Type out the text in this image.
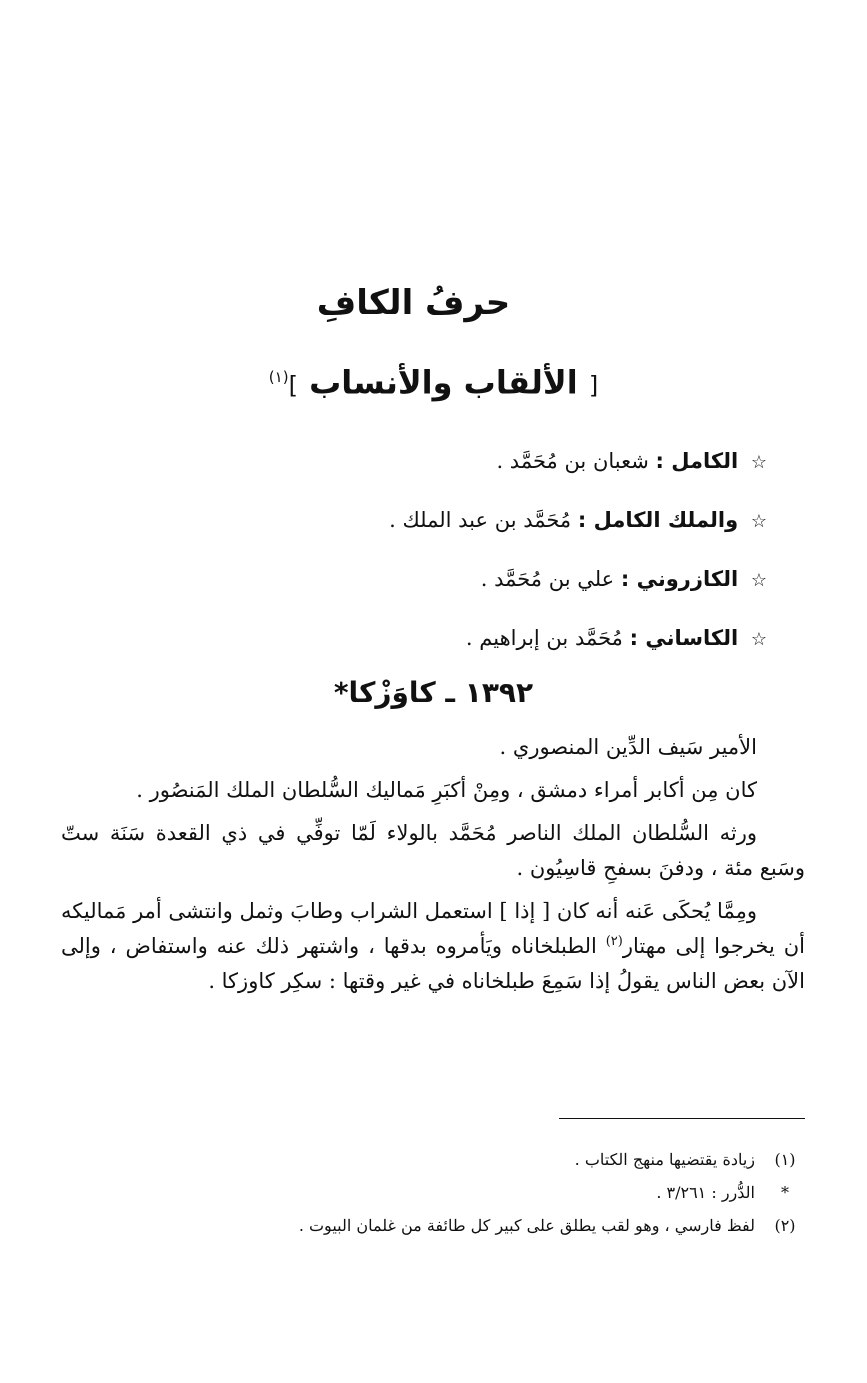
حرفُ الكافِ
[ الألقاب والأنساب ]$^{(١)}$
☆ الكامل : شعبان بن مُحَمَّد .
☆ والملك الكامل : مُحَمَّد بن عبد الملك .
☆ الكازروني : علي بن مُحَمَّد .
☆ الكاساني : مُحَمَّد بن إبراهيم .
١٣٩٢ ـ كاوَزْكا*

الأمير سَيف الدِّين المنصوري .

كان مِن أكابر أمراء دمشق ، ومِنْ أكبَرِ مَماليك السُّلطان الملك المَنصُور .

ورثه السُّلطان الملك الناصر مُحَمَّد بالولاء لَمّا توفِّي في ذي القعدة سَنَة ستّ وسَبع مئة ، ودفنَ بسفحِ قاسِيُون .

ومِمَّا يُحكَى عَنه أنه كان [ إذا ] استعمل الشراب وطابَ وثمل وانتشى أمر مَماليكه أن يخرجوا إلى مهتار$^{(٢)}$ الطبلخاناه ويَأمروه بدقها ، واشتهر ذلك عنه واستفاض ، وإلى الآن بعض الناس يقولُ إذا سَمِعَ طبلخاناه في غير وقتها : سكِر كاوزكا .

(١)
زيادة يقتضيها منهج الكتاب .
*
الدُّرر : ٣/٢٦١ .
(٢)
لفظ فارسي ، وهو لقب يطلق على كبير كل طائفة من غلمان البيوت .
